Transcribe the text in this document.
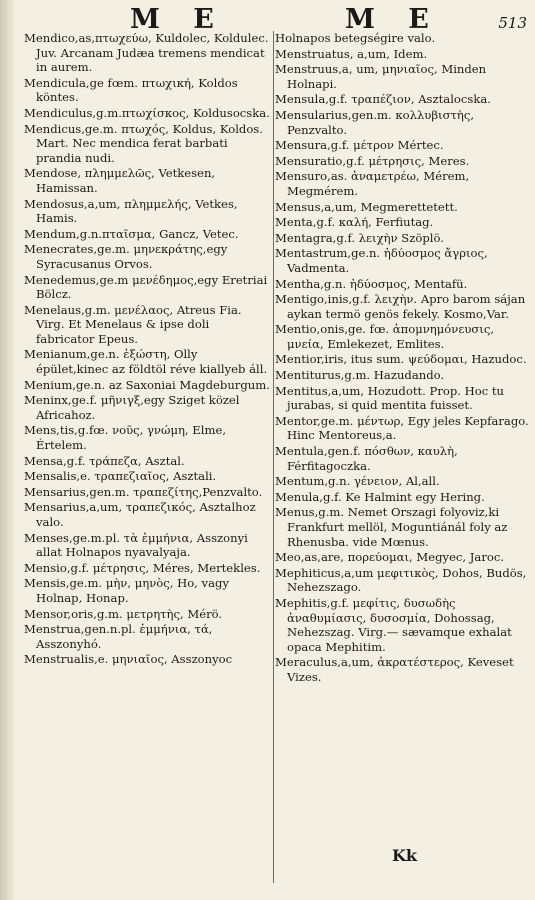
M E	M E	513
Mendico,as,πτωχεύω, Kuldolec, Koldulec. Juv. Arcanam Judæa tremens mendicat in aurem.
Mendicula,ge fœm. πτωχική, Koldos köntes.
Mendiculus,g.m.πτωχίσκος, Koldusocska.
Mendicus,ge.m. πτωχός, Koldus, Koldos. Mart. Nec mendica ferat barbati prandia nudi.
Mendose, πλημμελῶς, Vetkesen, Hamissan.
Mendosus,a,um, πλημμελής, Vetkes, Hamis.
Mendum,g.n.πταῖσμα, Gancz, Vetec.
Menecrates,ge.m. μηνεκράτης,egy Syracusanus Orvos.
Menedemus,ge.m μενέδημος,egy Eretriai Bölcz.
Menelaus,g.m. μενέλαος, Atreus Fia. Virg. Et Menelaus & ipse doli fabricator Epeus.
Menianum,ge.n. ἐξώστη, Olly épület,kinec az földtöl réve kiallyeb áll.
Menium,ge.n. az Saxoniai Magdeburgum.
Meninx,ge.f. μῆνιγξ,egy Sziget közel Africahoz.
Mens,tis,g.fœ. νοῦς, γνώμη, Elme, Értelem.
Mensa,g.f. τράπεζα, Asztal.
Mensalis,e. τραπεζιαῖος, Asztali.
Mensarius,gen.m. τραπεζίτης,Penzvalto.
Mensarius,a,um, τραπεζικός, Asztalhoz valo.
Menses,ge.m.pl. τὰ ἐμμήνια, Asszonyi allat Holnapos nyavalyaja.
Mensio,g.f. μέτρησις, Méres, Mertekles.
Mensis,ge.m. μὴν, μηνὸς, Ho, vagy Holnap, Honap.
Mensor,oris,g.m. μετρητὴς, Mérö.
Menstrua,gen.n.pl. ἐμμήνια, τά, Asszonyhó.
Menstrualis,e. μηνιαῖος, Asszonyoc
Holnapos betegségire valo.
Menstruatus, a,um, Idem.
Menstruus,a, um, μηνιαῖος, Minden Holnapi.
Mensula,g.f. τραπέζιον, Asztalocska.
Mensularius,gen.m. κολλυβιστὴς, Penzvalto.
Mensura,g.f. μέτρον Mértec.
Mensuratio,g.f. μέτρησις, Meres.
Mensuro,as. ἀναμετρέω, Mérem, Megmérem.
Mensus,a,um, Megmerettetett.
Menta,g.f. καλή, Ferfiutag.
Mentagra,g.f. λειχὴν Szöplö.
Mentastrum,ge.n. ἡδύοσμος ἄγριος, Vadmenta.
Mentha,g.n. ἡδύοσμος, Mentafü.
Mentigo,inis,g.f. λειχὴν. Apro barom sájan aykan termö genös fekely. Kosmo,Var.
Mentio,onis,ge. fœ. ἀπομνημόνευσις, μνεία, Emlekezet, Emlites.
Mentior,iris, itus sum. ψεύδομαι, Hazudoc.
Mentiturus,g.m. Hazudando.
Mentitus,a,um, Hozudott. Prop. Hoc tu jurabas, si quid mentita fuisset.
Mentor,ge.m. μέντωρ, Egy jeles Kepfarago. Hinc Mentoreus,a.
Mentula,gen.f. πόσθων, καυλὴ, Férfitagoczka.
Mentum,g.n. γένειον, Al,all.
Menula,g.f. Ke Halmint egy Hering.
Menus,g.m. Nemet Orszagi folyoviz,ki Frankfurt mellöl, Moguntiánál foly az Rhenusba. vide Mœnus.
Meo,as,are, πορεύομαι, Megyec, Jaroc.
Mephiticus,a,um μεφιτικὸς, Dohos, Budös, Nehezszago.
Mephitis,g.f. μεφίτις, δυσωδὴς ἀναθυμίασις, δυσοσμία, Dohossag, Nehezszag. Virg.— sævamque exhalat opaca Mephitim.
Meraculus,a,um, ἀκρατέστερος, Keveset Vizes.
Kk
